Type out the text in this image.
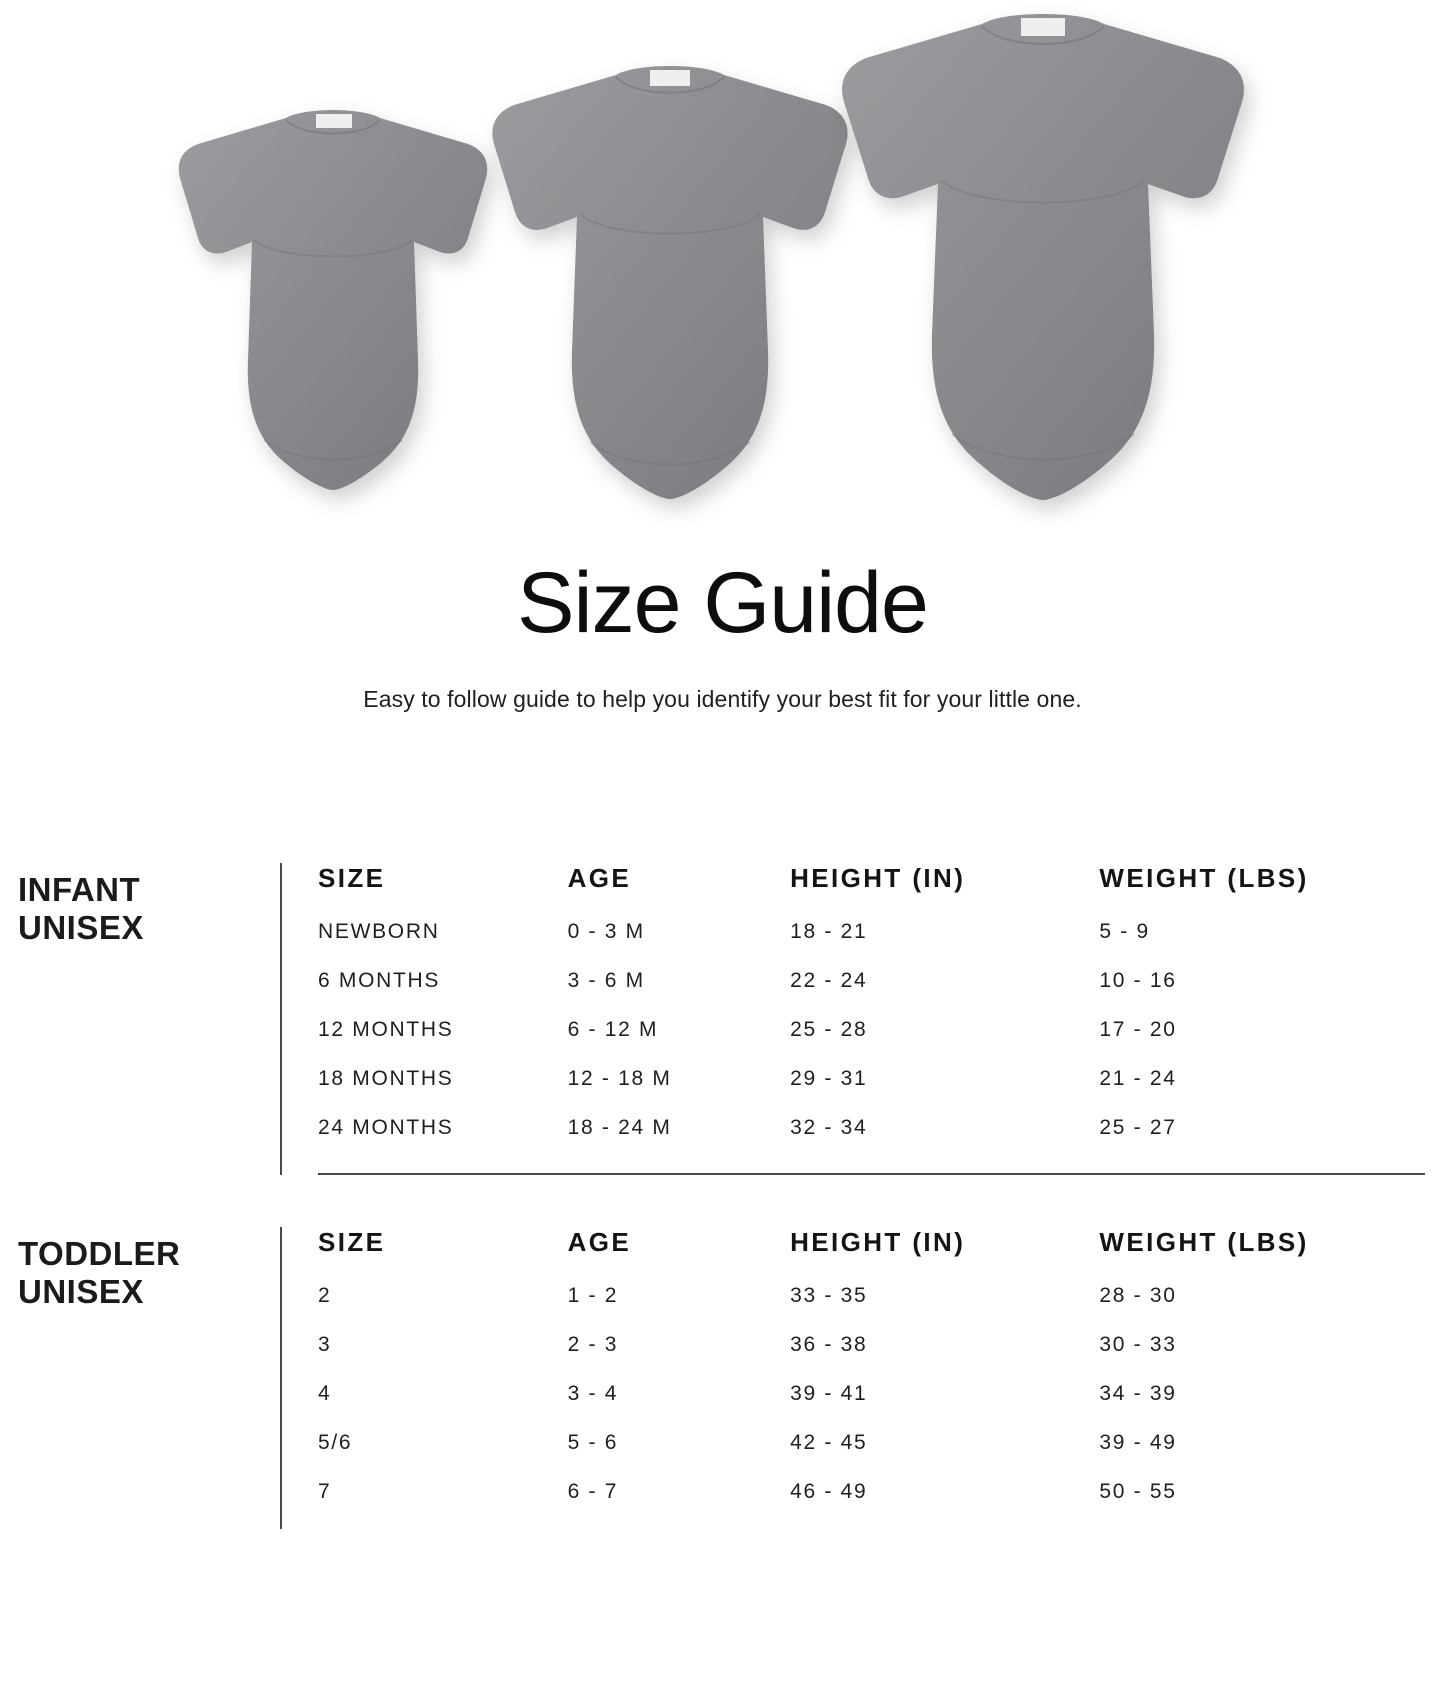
Size Guide

Easy to follow guide to help you identify your best fit for your little one.

INFANT
UNISEX
SIZE	AGE	HEIGHT (IN)	WEIGHT (LBS)
NEWBORN	0 - 3 M	18 - 21	5 - 9
6 MONTHS	3 - 6 M	22 - 24	10 - 16
12 MONTHS	6 - 12 M	25 - 28	17 - 20
18 MONTHS	12 - 18 M	29 - 31	21 - 24
24 MONTHS	18 - 24 M	32 - 34	25 - 27
TODDLER
UNISEX
SIZE	AGE	HEIGHT (IN)	WEIGHT (LBS)
2	1 - 2	33 - 35	28 - 30
3	2 - 3	36 - 38	30 - 33
4	3 - 4	39 - 41	34 - 39
5/6	5 - 6	42 - 45	39 - 49
7	6 - 7	46 - 49	50 - 55
